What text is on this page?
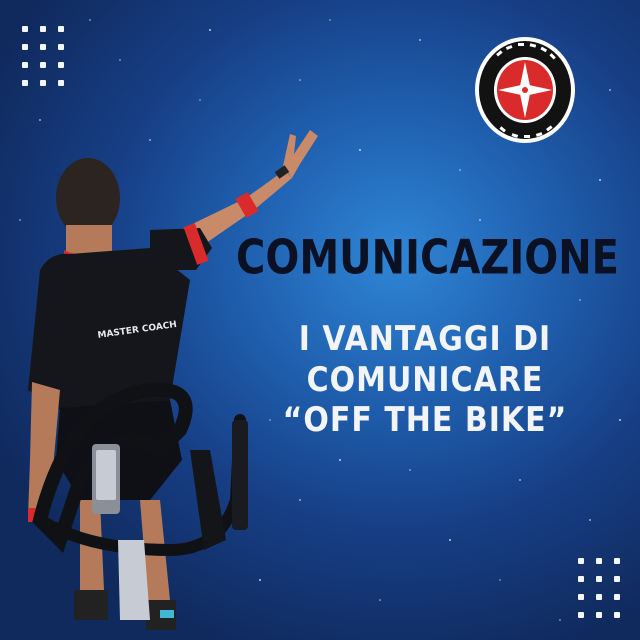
MASTER COACH
COMUNICAZIONE
I VANTAGGI DI
COMUNICARE
“OFF THE BIKE”
